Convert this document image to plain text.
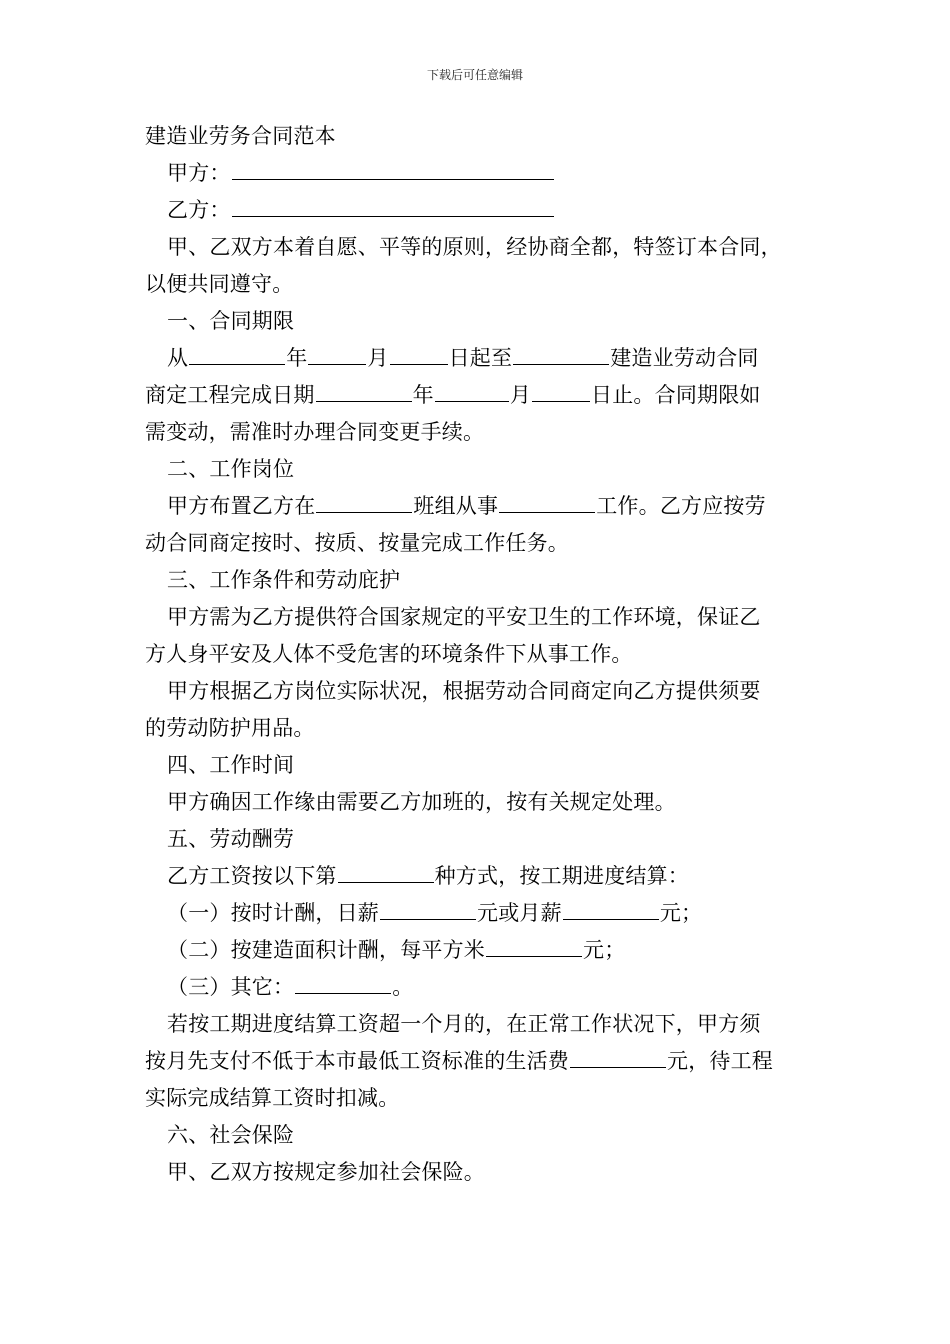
下载后可任意编辑
建造业劳务合同范本
甲方：
乙方：
甲、乙双方本着自愿、平等的原则，经协商全都，特签订本合同，
以便共同遵守。
一、合同期限
从	年	月	日起至	建造业劳动合同
商定工程完成日期	年	月	日止。合同期限如
需变动，需准时办理合同变更手续。
二、工作岗位
甲方布置乙方在	班组从事	工作。乙方应按劳
动合同商定按时、按质、按量完成工作任务。
三、工作条件和劳动庇护
甲方需为乙方提供符合国家规定的平安卫生的工作环境，保证乙
方人身平安及人体不受危害的环境条件下从事工作。
甲方根据乙方岗位实际状况，根据劳动合同商定向乙方提供须要
的劳动防护用品。
四、工作时间
甲方确因工作缘由需要乙方加班的，按有关规定处理。
五、劳动酬劳
乙方工资按以下第	种方式，按工期进度结算：
（一）按时计酬，日薪	元或月薪	元；
（二）按建造面积计酬，每平方米	元；
（三）其它：	。
若按工期进度结算工资超一个月的，在正常工作状况下，甲方须
按月先支付不低于本市最低工资标准的生活费	元，待工程
实际完成结算工资时扣减。
六、社会保险
甲、乙双方按规定参加社会保险。
